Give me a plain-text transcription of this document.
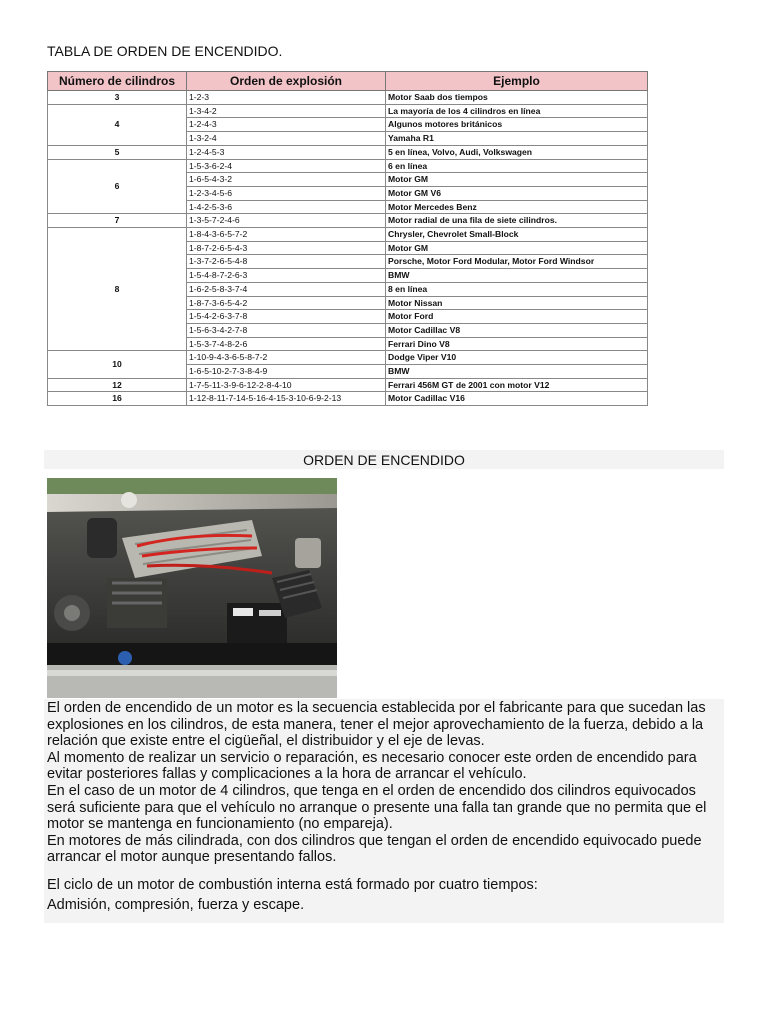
TABLA DE ORDEN DE ENCENDIDO.
Número de cilindros	Orden de explosión	Ejemplo
3	1-2-3	Motor Saab dos tiempos
4	1-3-4-2	La mayoría de los 4 cilindros en línea
	1-2-4-3	Algunos motores británicos
	1-3-2-4	Yamaha R1
5	1-2-4-5-3	5 en línea, Volvo, Audi, Volkswagen
6	1-5-3-6-2-4	6 en línea
	1-6-5-4-3-2	Motor GM
	1-2-3-4-5-6	Motor GM V6
	1-4-2-5-3-6	Motor Mercedes Benz
7	1-3-5-7-2-4-6	Motor radial de una fila de siete cilindros.
8	1-8-4-3-6-5-7-2	Chrysler, Chevrolet Small-Block
	1-8-7-2-6-5-4-3	Motor GM
	1-3-7-2-6-5-4-8	Porsche, Motor Ford Modular, Motor Ford Windsor
	1-5-4-8-7-2-6-3	BMW
	1-6-2-5-8-3-7-4	8 en línea
	1-8-7-3-6-5-4-2	Motor Nissan
	1-5-4-2-6-3-7-8	Motor Ford
	1-5-6-3-4-2-7-8	Motor Cadillac V8
	1-5-3-7-4-8-2-6	Ferrari Dino V8
10	1-10-9-4-3-6-5-8-7-2	Dodge Viper V10
	1-6-5-10-2-7-3-8-4-9	BMW
12	1-7-5-11-3-9-6-12-2-8-4-10	Ferrari 456M GT de 2001 con motor V12
16	1-12-8-11-7-14-5-16-4-15-3-10-6-9-2-13	Motor Cadillac V16
ORDEN DE ENCENDIDO

El orden de encendido de un motor es la secuencia establecida por el fabricante para que sucedan las explosiones en los cilindros, de esta manera, tener el mejor aprovechamiento de la fuerza, debido a la relación que existe entre el cigüeñal, el distribuidor y el eje de levas.

Al momento de realizar un servicio o reparación, es necesario conocer este orden de encendido para evitar posteriores fallas y complicaciones a la hora de arrancar el vehículo.

En el caso de un motor de 4 cilindros, que tenga en el orden de encendido dos cilindros equivocados será suficiente para que el vehículo no arranque o presente una falla tan grande que no permita que el motor se mantenga en funcionamiento (no empareja).

En motores de más cilindrada, con dos cilindros que tengan el orden de encendido equivocado puede arrancar el motor aunque presentando fallos.

El ciclo de un motor de combustión interna está formado por cuatro tiempos:

Admisión, compresión, fuerza y escape.
